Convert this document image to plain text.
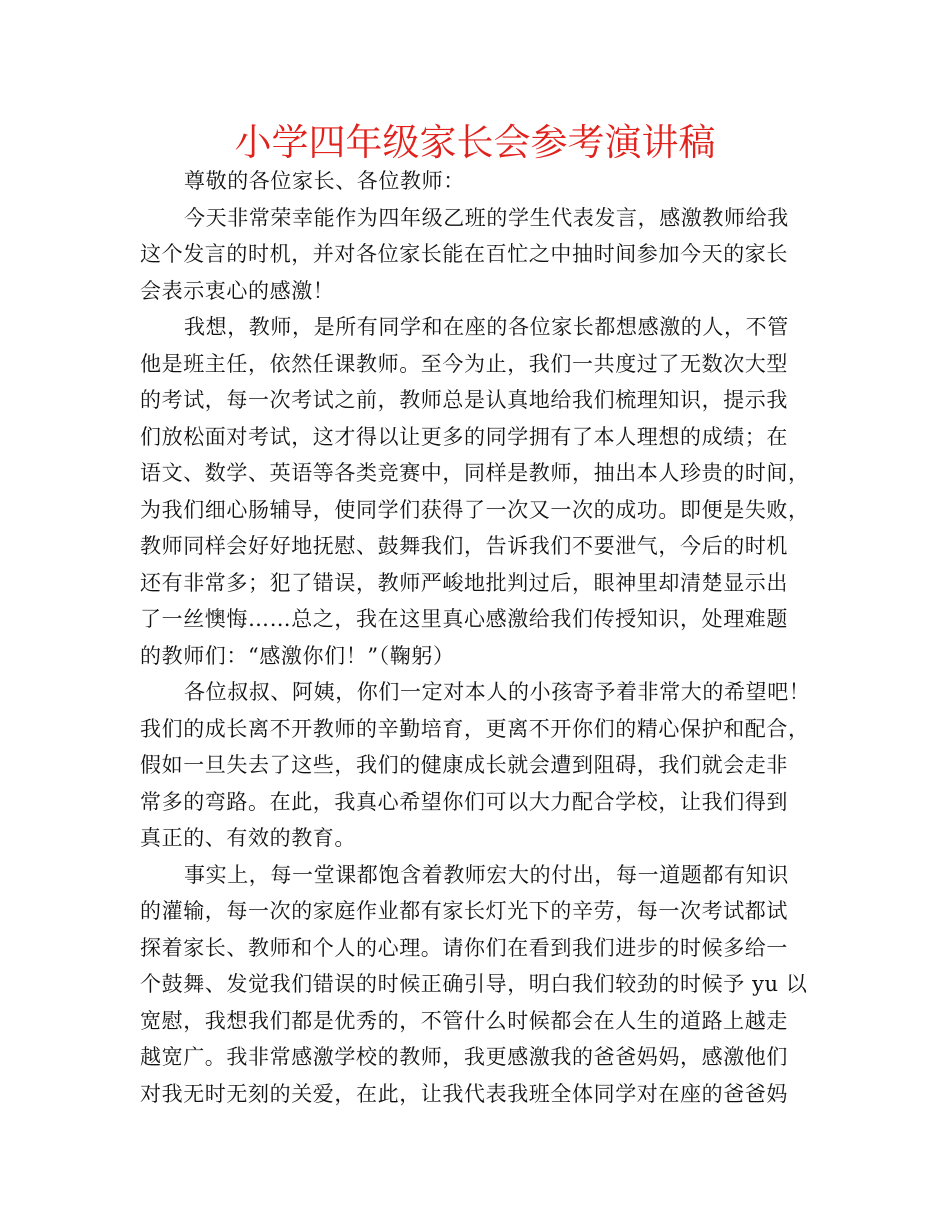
小学四年级家长会参考演讲稿
尊敬的各位家长、各位教师：
今天非常荣幸能作为四年级乙班的学生代表发言，感激教师给我
这个发言的时机，并对各位家长能在百忙之中抽时间参加今天的家长
会表示衷心的感激！
我想，教师，是所有同学和在座的各位家长都想感激的人，不管
他是班主任，依然任课教师。至今为止，我们一共度过了无数次大型
的考试，每一次考试之前，教师总是认真地给我们梳理知识，提示我
们放松面对考试，这才得以让更多的同学拥有了本人理想的成绩；在
语文、数学、英语等各类竞赛中，同样是教师，抽出本人珍贵的时间，
为我们细心肠辅导，使同学们获得了一次又一次的成功。即便是失败，
教师同样会好好地抚慰、鼓舞我们，告诉我们不要泄气，今后的时机
还有非常多；犯了错误，教师严峻地批判过后，眼神里却清楚显示出
了一丝懊悔……总之，我在这里真心感激给我们传授知识，处理难题
的教师们：“感激你们！”（鞠躬）
各位叔叔、阿姨，你们一定对本人的小孩寄予着非常大的希望吧！
我们的成长离不开教师的辛勤培育，更离不开你们的精心保护和配合，
假如一旦失去了这些，我们的健康成长就会遭到阻碍，我们就会走非
常多的弯路。在此，我真心希望你们可以大力配合学校，让我们得到
真正的、有效的教育。
事实上，每一堂课都饱含着教师宏大的付出，每一道题都有知识
的灌输，每一次的家庭作业都有家长灯光下的辛劳，每一次考试都试
探着家长、教师和个人的心理。请你们在看到我们进步的时候多给一
个鼓舞、发觉我们错误的时候正确引导，明白我们较劲的时候予 yu 以
宽慰，我想我们都是优秀的，不管什么时候都会在人生的道路上越走
越宽广。我非常感激学校的教师，我更感激我的爸爸妈妈，感激他们
对我无时无刻的关爱，在此，让我代表我班全体同学对在座的爸爸妈
